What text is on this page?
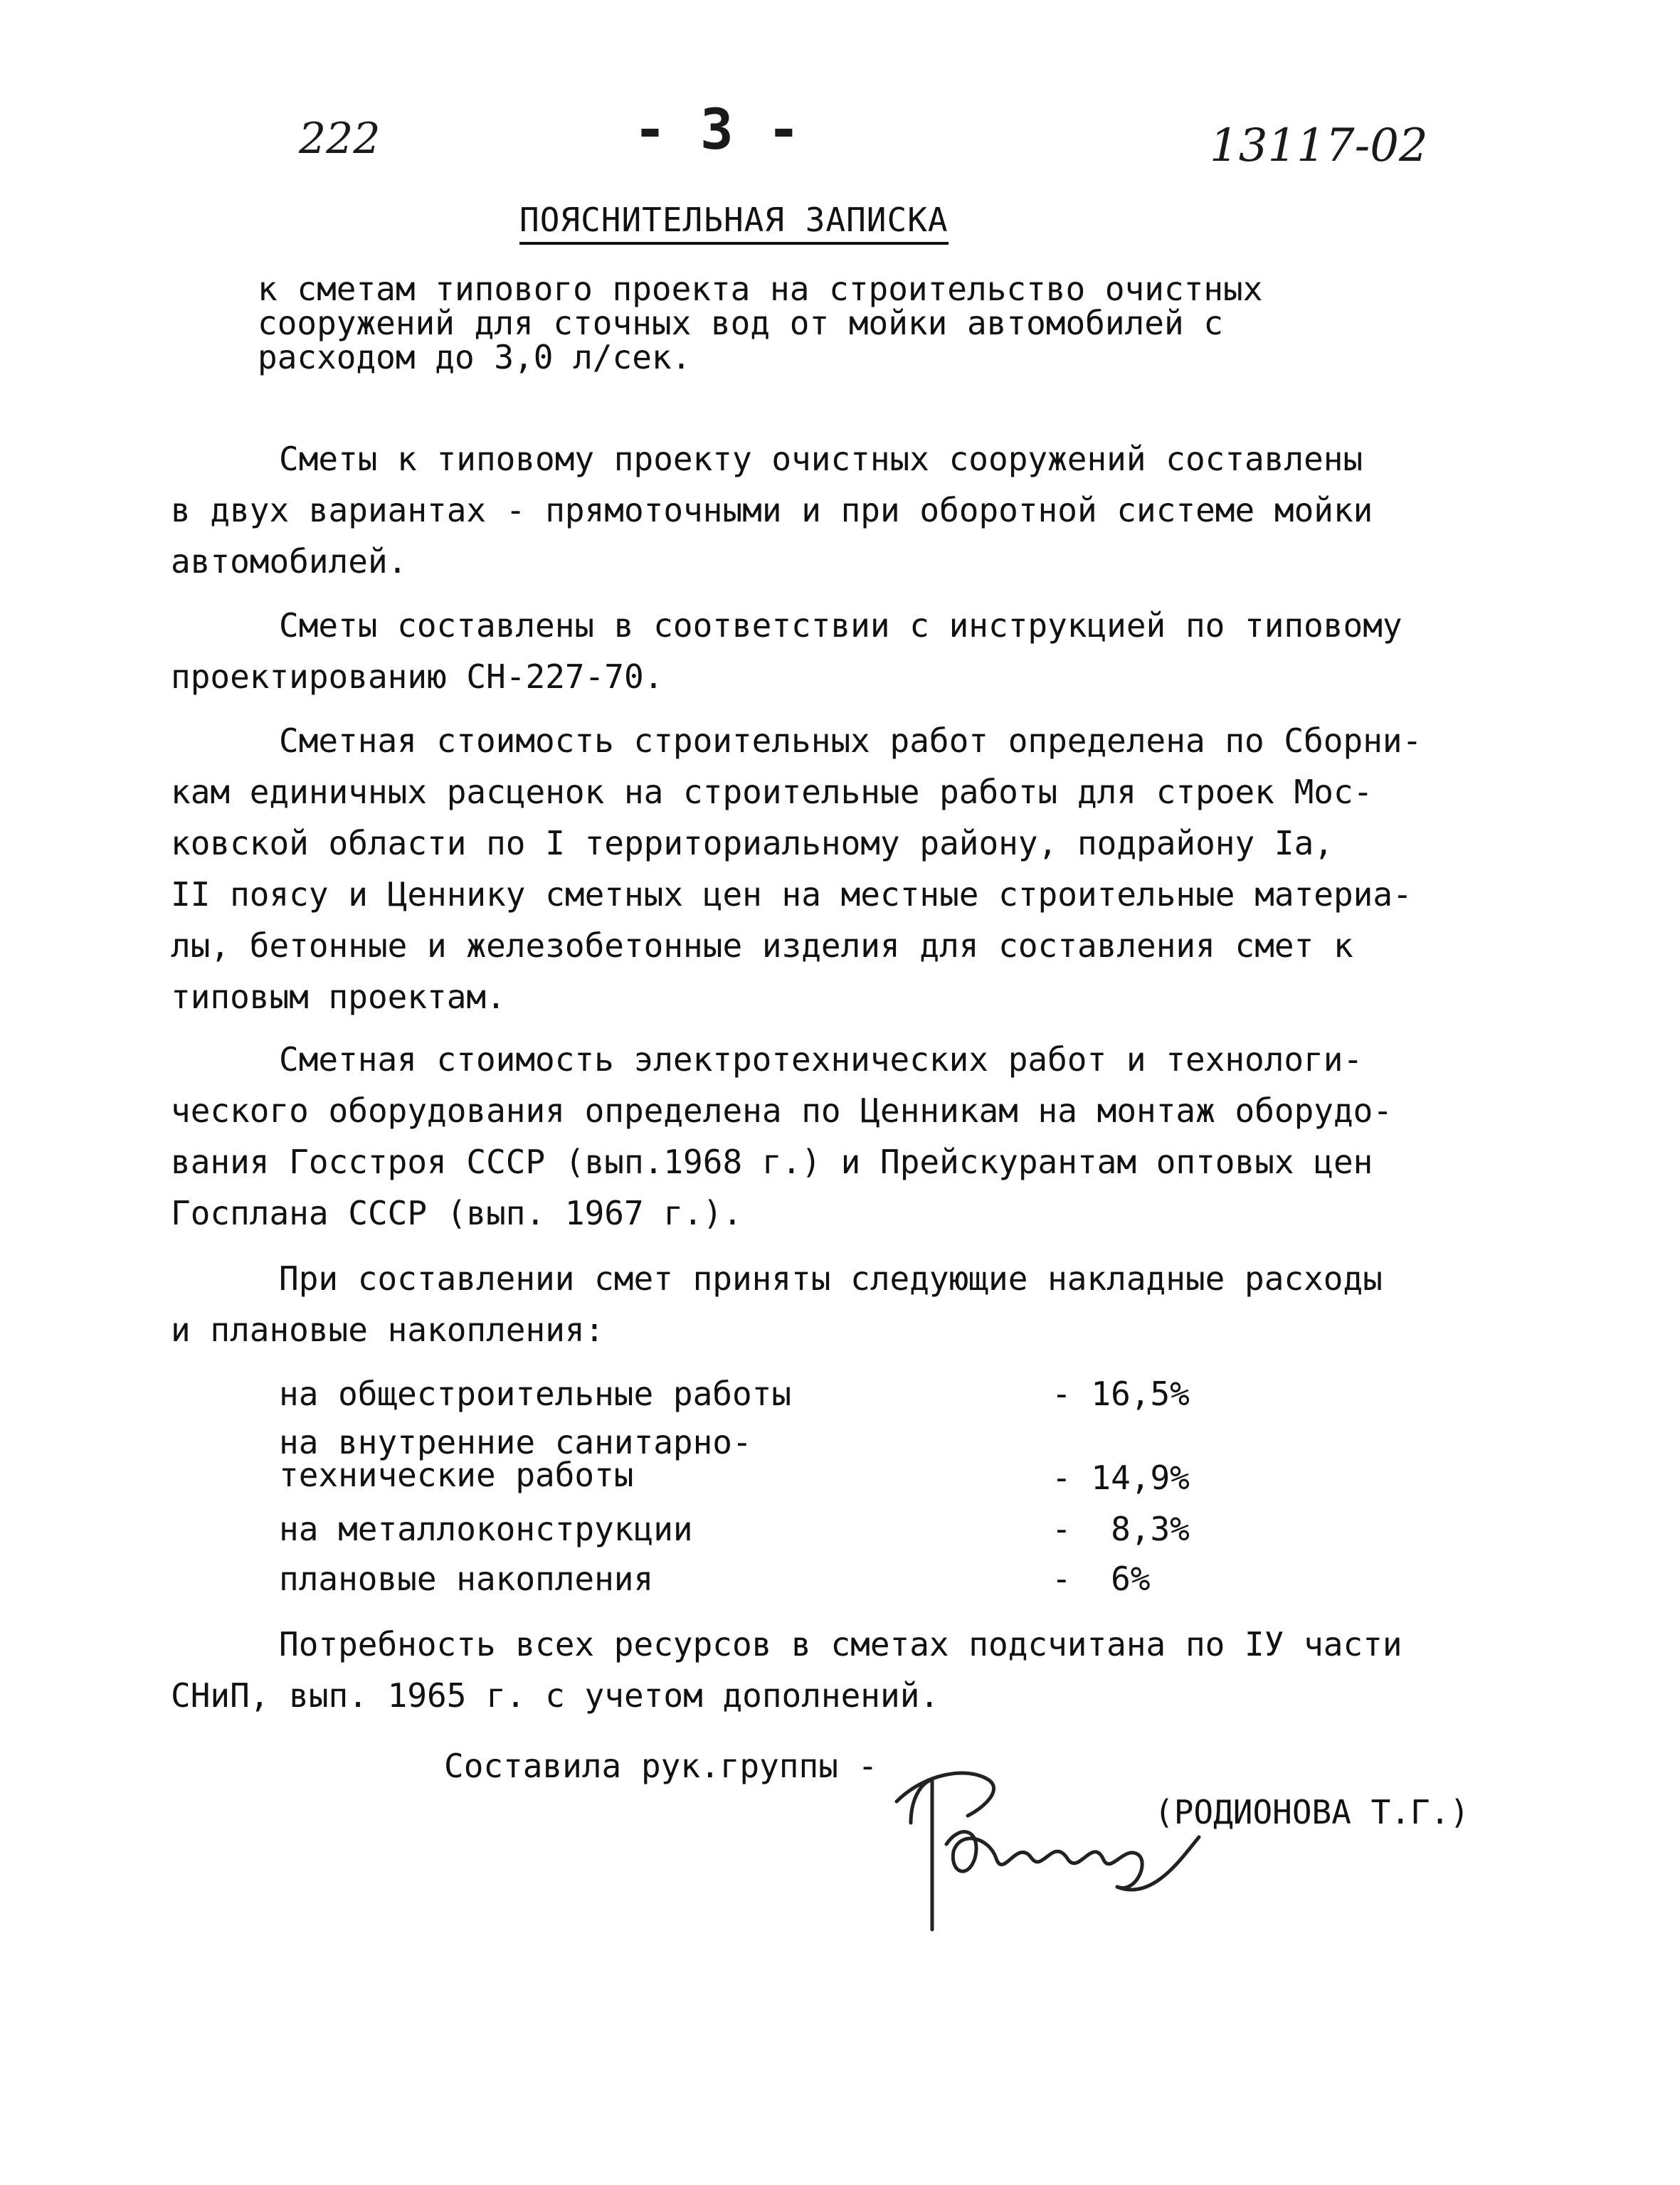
222	- 3 -	13117-02
ПОЯСНИТЕЛЬНАЯ ЗАПИСКА
к сметам типового проекта на строительство очистных
сооружений для сточных вод от мойки автомобилей с
расходом до 3,0 л/сек.
Сметы к типовому проекту очистных сооружений составлены
в двух вариантах - прямоточными и при оборотной системе мойки
автомобилей.
Сметы составлены в соответствии с инструкцией по типовому
проектированию СН-227-70.
Сметная стоимость строительных работ определена по Сборни-
кам единичных расценок на строительные работы для строек Мос-
ковской области по I территориальному району, подрайону Iа,
II поясу и Ценнику сметных цен на местные строительные материа-
лы, бетонные и железобетонные изделия для составления смет к
типовым проектам.
Сметная стоимость электротехнических работ и технологи-
ческого оборудования определена по Ценникам на монтаж оборудо-
вания Госстроя СССР (вып.1968 г.) и Прейскурантам оптовых цен
Госплана СССР (вып. 1967 г.).
При составлении смет приняты следующие накладные расходы
и плановые накопления:
на общестроительные работы	- 16,5%
на внутренние санитарно-
технические работы	- 14,9%
на металлоконструкции	-  8,3%
плановые накопления	-  6%
Потребность всех ресурсов в сметах подсчитана по IУ части
СНиП, вып. 1965 г. с учетом дополнений.
Составила рук.группы -
(РОДИОНОВА Т.Г.)
